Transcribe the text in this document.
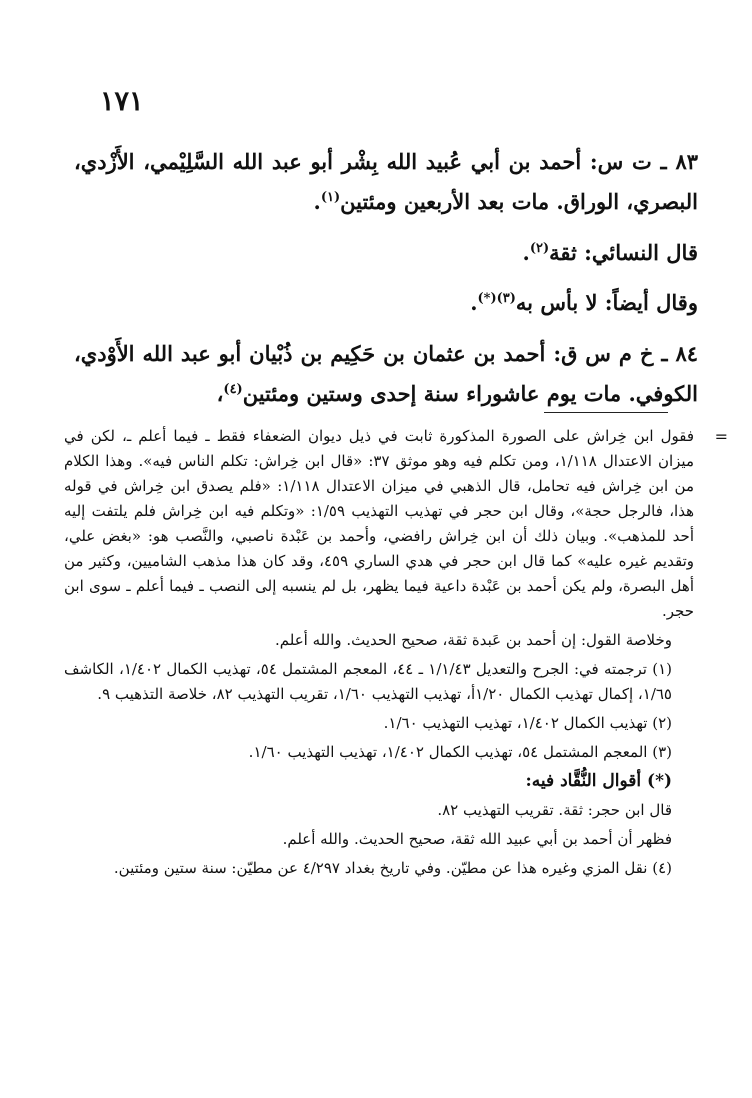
١٧١

٨٣ ـ ت س: أحمد بن أبي عُبيد الله بِشْر أبو عبد الله السَّلِيْمي، الأَزْدي، البصري، الوراق. مات بعد الأربعين ومئتين$^{(١)}$.

قال النسائي: ثقة$^{(٢)}$.

وقال أيضاً: لا بأس به$^{(٣)(*)}$.

٨٤ ـ خ م س ق: أحمد بن عثمان بن حَكِيم بن ذُبْيان أبو عبد الله الأَوْدي، الكوفي. مات يوم عاشوراء سنة إحدى وستين ومئتين$^{(٤)}$،

=
فقول ابن خِراش على الصورة المذكورة ثابت في ذيل ديوان الضعفاء فقط ـ فيما أعلم ـ، لكن في ميزان الاعتدال ١/١١٨، ومن تكلم فيه وهو موثق ٣٧: «قال ابن خِراش: تكلم الناس فيه». وهذا الكلام من ابن خِراش فيه تحامل، قال الذهبي في ميزان الاعتدال ١/١١٨: «فلم يصدق ابن خِراش في قوله هذا، فالرجل حجة»، وقال ابن حجر في تهذيب التهذيب ١/٥٩: «وتكلم فيه ابن خِراش فلم يلتفت إليه أحد للمذهب». وبيان ذلك أن ابن خِراش رافضي، وأحمد بن عَبْدة ناصبي، والنَّصب هو: «بغض علي، وتقديم غيره عليه» كما قال ابن حجر في هدي الساري ٤٥٩، وقد كان هذا مذهب الشاميين، وكثير من أهل البصرة، ولم يكن أحمد بن عَبْدة داعية فيما يظهر، بل لم ينسبه إلى النصب ـ فيما أعلم ـ سوى ابن حجر.
وخلاصة القول: إن أحمد بن عَبدة ثقة، صحيح الحديث. والله أعلم.
(١) ترجمته في: الجرح والتعديل ١/١/٤٣ ـ ٤٤، المعجم المشتمل ٥٤، تهذيب الكمال ١/٤٠٢، الكاشف ١/٦٥، إكمال تهذيب الكمال ١/٢٠أ، تهذيب التهذيب ١/٦٠، تقريب التهذيب ٨٢، خلاصة التذهيب ٩.
(٢) تهذيب الكمال ١/٤٠٢، تهذيب التهذيب ١/٦٠.
(٣) المعجم المشتمل ٥٤، تهذيب الكمال ١/٤٠٢، تهذيب التهذيب ١/٦٠.
(*) أقوال النُّقَّاد فيه:
قال ابن حجر: ثقة. تقريب التهذيب ٨٢.
فظهر أن أحمد بن أبي عبيد الله ثقة، صحيح الحديث. والله أعلم.
(٤) نقل المزي وغيره هذا عن مطيّن. وفي تاريخ بغداد ٤/٢٩٧ عن مطيّن: سنة ستين ومئتين.
